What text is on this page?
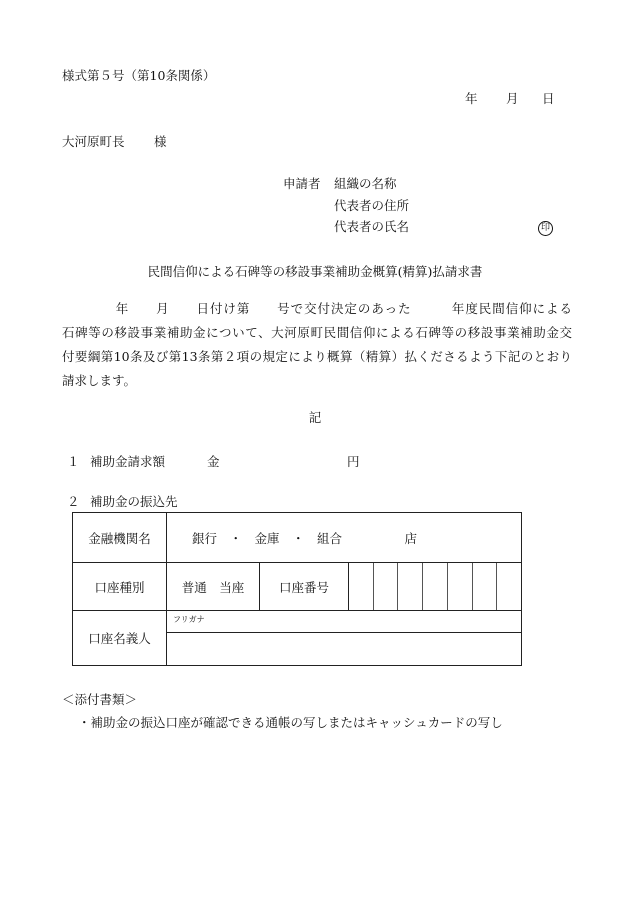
様式第５号（第10条関係）
年 月 日
大河原町長 様
申請者 組織の名称
代表者の住所
代表者の氏名	印
民間信仰による石碑等の移設事業補助金概算(精算)払請求書
　　　　年　　月　　日付け第　　号で交付決定のあった　　　年度民間信仰による
石碑等の移設事業補助金について、大河原町民間信仰による石碑等の移設事業補助金交
付要綱第10条及び第13条第２項の規定により概算（精算）払くださるよう下記のとおり
請求します。
記
１ 補助金請求額	金	円
２ 補助金の振込先
金融機関名	銀行　・　金庫　・　組合 店		
口座種別	普通　当座	口座番号	

口座名義人	フリガナ		

＜添付書類＞
・補助金の振込口座が確認できる通帳の写しまたはキャッシュカードの写し
